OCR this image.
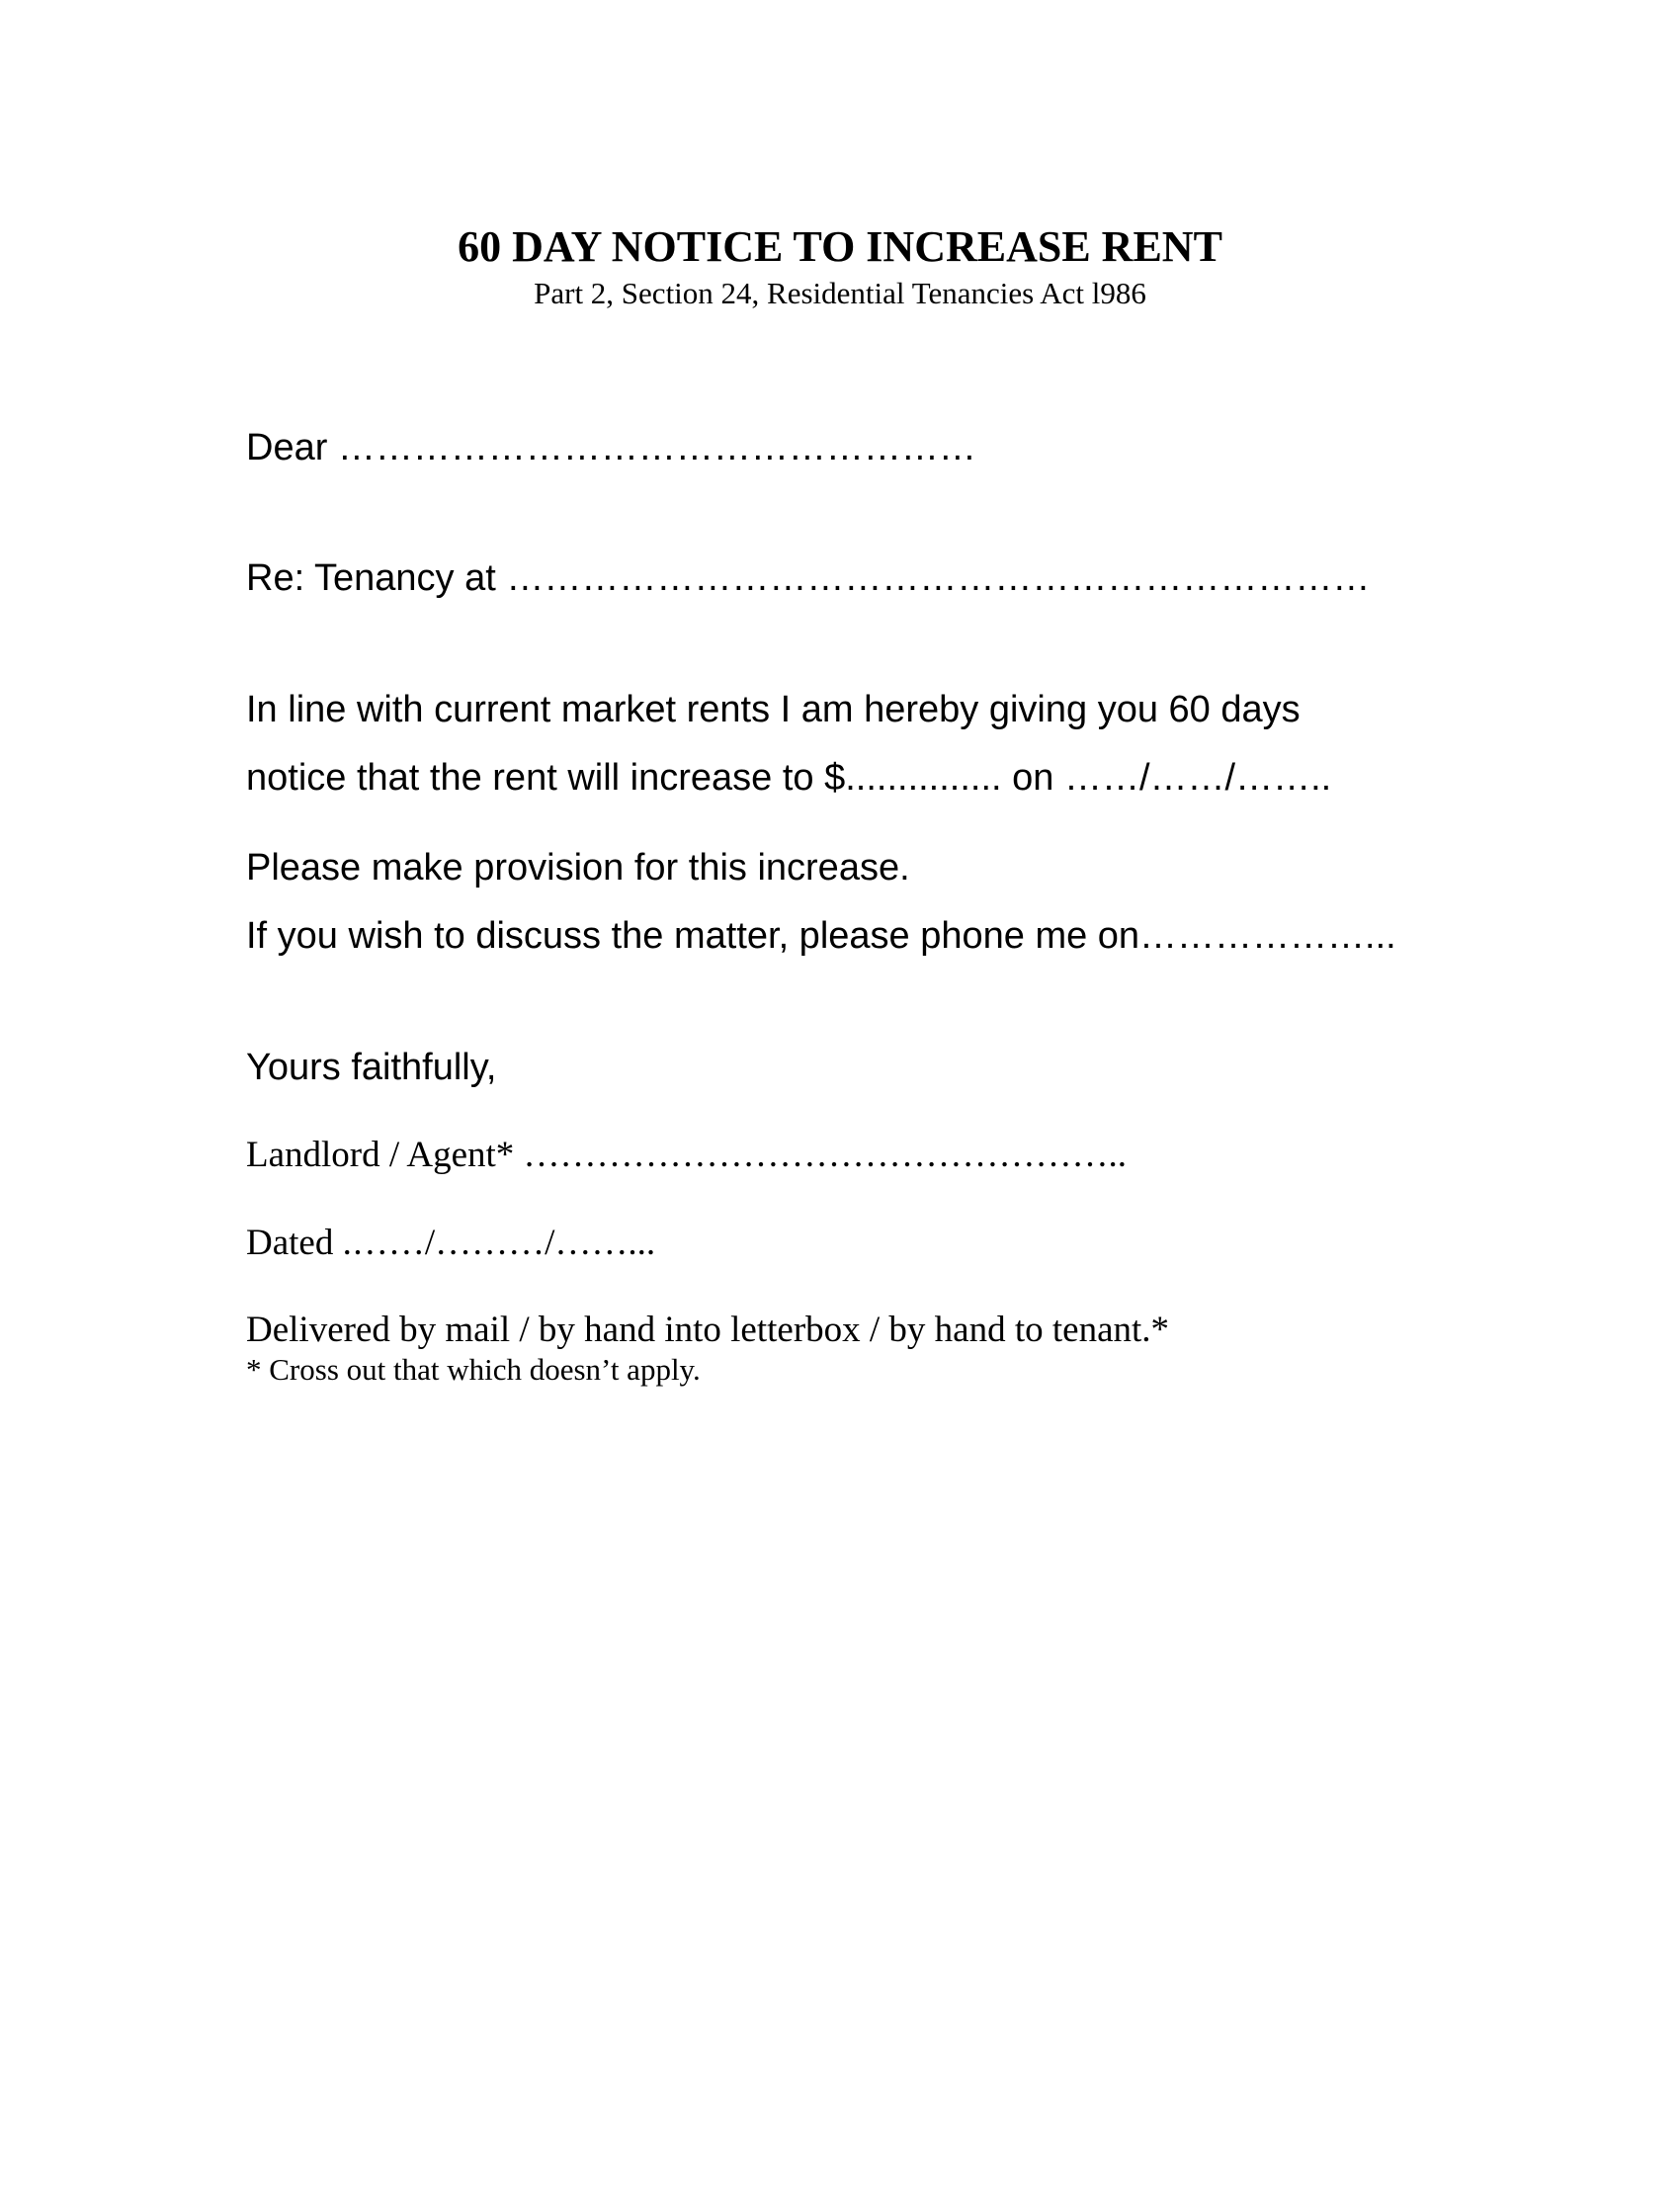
60 DAY NOTICE TO INCREASE RENT
Part 2, Section 24, Residential Tenancies Act l986
Dear ……………………………………………
Re: Tenancy at ……………………………………………………………
In line with current market rents I am hereby giving you 60 days
notice that the rent will increase to $............... on ……/……/……..
Please make provision for this increase.
If you wish to discuss the matter, please phone me on………………...
Yours faithfully,
Landlord / Agent* …………………………………………..
Dated .……/………/……...
Delivered by mail / by hand into letterbox / by hand to tenant.*
* Cross out that which doesn’t apply.
